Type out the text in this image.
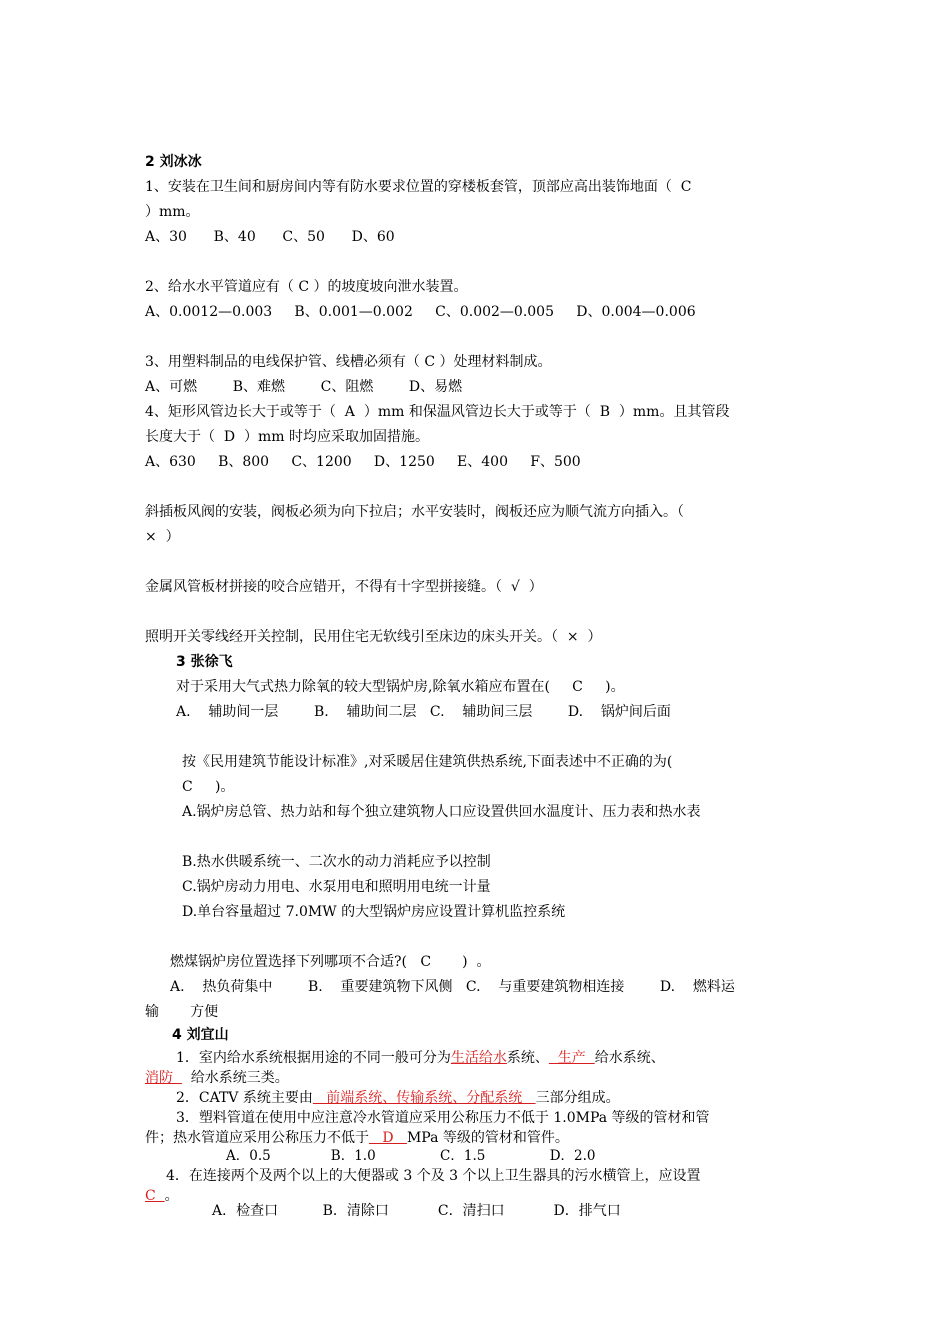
2 刘冰冰
1、安装在卫生间和厨房间内等有防水要求位置的穿楼板套管，顶部应高出装饰地面（  C
）mm。
A、30      B、40      C、50      D、60
2、给水水平管道应有（ C ）的坡度坡向泄水装置。
A、0.0012—0.003     B、0.001—0.002     C、0.002—0.005     D、0.004—0.006
3、用塑料制品的电线保护管、线槽必须有（ C ）处理材料制成。
A、可燃        B、难燃        C、阻燃        D、易燃
4、矩形风管边长大于或等于（  A  ）mm 和保温风管边长大于或等于（  B  ）mm。且其管段
长度大于（  D  ）mm 时均应采取加固措施。
A、630     B、800     C、1200     D、1250     E、400     F、500
斜插板风阀的安装，阀板必须为向下拉启；水平安装时，阀板还应为顺气流方向插入。（
×  ）
金属风管板材拼接的咬合应错开，不得有十字型拼接缝。（  √  ）
照明开关零线经开关控制，民用住宅无软线引至床边的床头开关。（  ×  ）
3 张徐飞
对于采用大气式热力除氧的较大型锅炉房,除氧水箱应布置在(     C     )。
A.    辅助间一层        B.    辅助间二层   C.    辅助间三层        D.    锅炉间后面
按《民用建筑节能设计标准》,对采暖居住建筑供热系统,下面表述中不正确的为(
C     )。
A.锅炉房总管、热力站和每个独立建筑物人口应设置供回水温度计、压力表和热水表
B.热水供暖系统一、二次水的动力消耗应予以控制
C.锅炉房动力用电、水泵用电和照明用电统一计量
D.单台容量超过 7.0MW 的大型锅炉房应设置计算机监控系统
燃煤锅炉房位置选择下列哪项不合适?(   C       )  。
A.    热负荷集中        B.    重要建筑物下风侧   C.    与重要建筑物相连接        D.    燃料运
输       方便
4 刘宜山
1．室内给水系统根据用途的不同一般可分为生活给水系统、  生产  给水系统、
消防    给水系统三类。
2．CATV 系统主要由   前端系统、传输系统、分配系统   三部分组成。
3．塑料管道在使用中应注意冷水管道应采用公称压力不低于 1.0MPa 等级的管材和管
件；热水管道应采用公称压力不低于   D   MPa 等级的管材和管件。
A．0.5              B．1.0               C．1.5               D．2.0
4．在连接两个及两个以上的大便器或 3 个及 3 个以上卫生器具的污水横管上，应设置
C  。
A．检查口          B．清除口           C．清扫口           D．排气口
